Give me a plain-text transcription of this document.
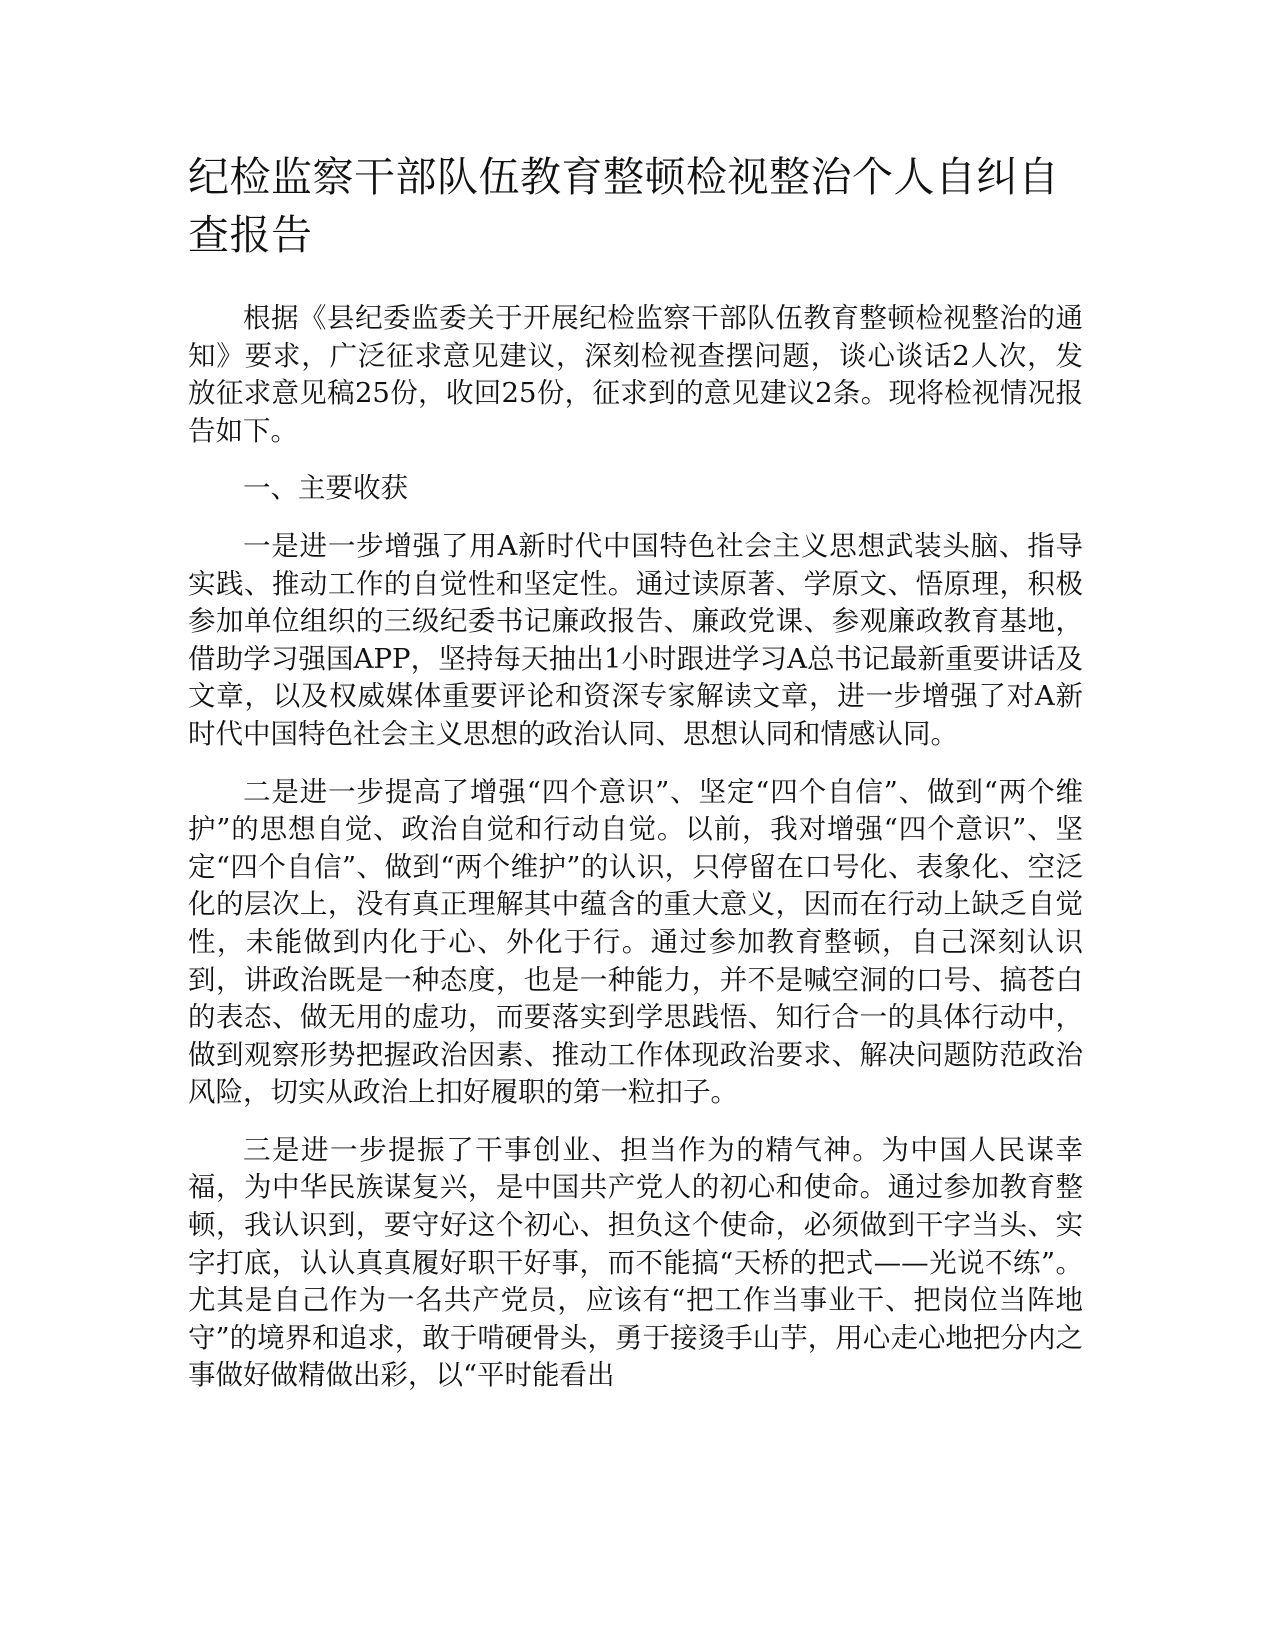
纪检监察干部队伍教育整顿检视整治个人自纠自查报告

根据《县纪委监委关于开展纪检监察干部队伍教育整顿检视整治的通知》要求，广泛征求意见建议，深刻检视查摆问题，谈心谈话2人次，发放征求意见稿25份，收回25份，征求到的意见建议2条。现将检视情况报告如下。

一、主要收获

一是进一步增强了用A新时代中国特色社会主义思想武装头脑、指导实践、推动工作的自觉性和坚定性。通过读原著、学原文、悟原理，积极参加单位组织的三级纪委书记廉政报告、廉政党课、参观廉政教育基地，借助学习强国APP，坚持每天抽出1小时跟进学习A总书记最新重要讲话及文章，以及权威媒体重要评论和资深专家解读文章，进一步增强了对A新时代中国特色社会主义思想的政治认同、思想认同和情感认同。

二是进一步提高了增强“四个意识”、坚定“四个自信”、做到“两个维护”的思想自觉、政治自觉和行动自觉。以前，我对增强“四个意识”、坚定“四个自信”、做到“两个维护”的认识，只停留在口号化、表象化、空泛化的层次上，没有真正理解其中蕴含的重大意义，因而在行动上缺乏自觉性，未能做到内化于心、外化于行。通过参加教育整顿，自己深刻认识到，讲政治既是一种态度，也是一种能力，并不是喊空洞的口号、搞苍白的表态、做无用的虚功，而要落实到学思践悟、知行合一的具体行动中，做到观察形势把握政治因素、推动工作体现政治要求、解决问题防范政治风险，切实从政治上扣好履职的第一粒扣子。

三是进一步提振了干事创业、担当作为的精气神。为中国人民谋幸福，为中华民族谋复兴，是中国共产党人的初心和使命。通过参加教育整顿，我认识到，要守好这个初心、担负这个使命，必须做到干字当头、实字打底，认认真真履好职干好事，而不能搞“天桥的把式——光说不练”。尤其是自己作为一名共产党员，应该有“把工作当事业干、把岗位当阵地守”的境界和追求，敢于啃硬骨头，勇于接烫手山芋，用心走心地把分内之事做好做精做出彩，以“平时能看出
